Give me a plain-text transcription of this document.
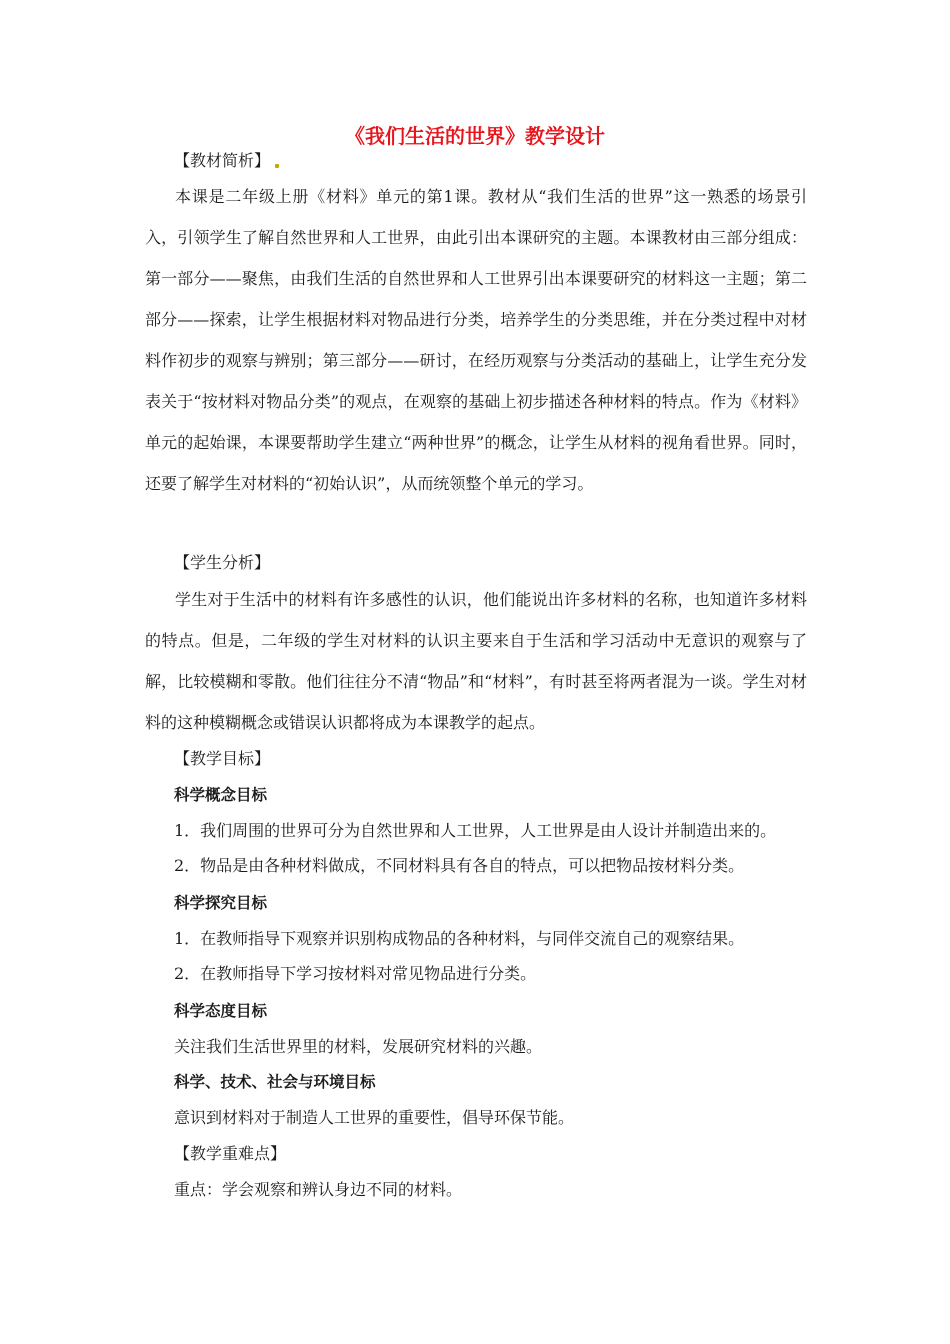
《我们生活的世界》教学设计

【教材简析】

本课是二年级上册《材料》单元的第1课。教材从“我们生活的世界”这一熟悉的场景引入，引领学生了解自然世界和人工世界，由此引出本课研究的主题。本课教材由三部分组成：第一部分——聚焦，由我们生活的自然世界和人工世界引出本课要研究的材料这一主题；第二部分——探索，让学生根据材料对物品进行分类，培养学生的分类思维，并在分类过程中对材料作初步的观察与辨别；第三部分——研讨，在经历观察与分类活动的基础上，让学生充分发表关于“按材料对物品分类”的观点，在观察的基础上初步描述各种材料的特点。作为《材料》单元的起始课，本课要帮助学生建立“两种世界”的概念，让学生从材料的视角看世界。同时，还要了解学生对材料的“初始认识”，从而统领整个单元的学习。

【学生分析】

学生对于生活中的材料有许多感性的认识，他们能说出许多材料的名称，也知道许多材料的特点。但是，二年级的学生对材料的认识主要来自于生活和学习活动中无意识的观察与了解，比较模糊和零散。他们往往分不清“物品”和“材料”，有时甚至将两者混为一谈。学生对材料的这种模糊概念或错误认识都将成为本课教学的起点。

【教学目标】

科学概念目标

1．我们周围的世界可分为自然世界和人工世界，人工世界是由人设计并制造出来的。

2．物品是由各种材料做成，不同材料具有各自的特点，可以把物品按材料分类。

科学探究目标

1．在教师指导下观察并识别构成物品的各种材料，与同伴交流自己的观察结果。

2．在教师指导下学习按材料对常见物品进行分类。

科学态度目标

关注我们生活世界里的材料，发展研究材料的兴趣。

科学、技术、社会与环境目标

意识到材料对于制造人工世界的重要性，倡导环保节能。

【教学重难点】

重点：学会观察和辨认身边不同的材料。
